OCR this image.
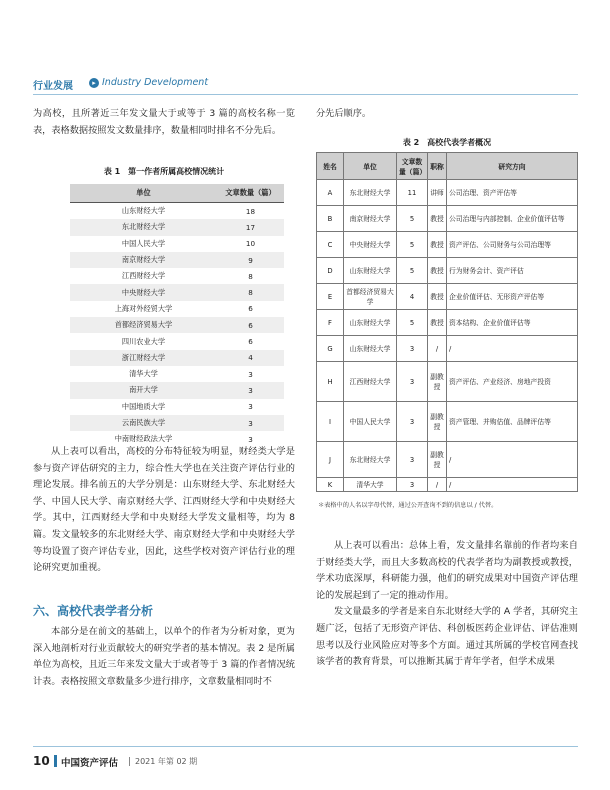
行业发展	▸ Industry Development

为高校，且所著近三年发文量大于或等于 3 篇的高校名称一览表，表格数据按照发文数量排序，数量相同时排名不分先后。

表 1　第一作者所属高校情况统计
单位	文章数量（篇）
山东财经大学	18
东北财经大学	17
中国人民大学	10
南京财经大学	9
江西财经大学	8
中央财经大学	8
上海对外经贸大学	6
首都经济贸易大学	6
四川农业大学	6
浙江财经大学	4
清华大学	3
南开大学	3
中国地质大学	3
云南民族大学	3
中南财经政法大学	3

从上表可以看出，高校的分布特征较为明显，财经类大学是参与资产评估研究的主力，综合性大学也在关注资产评估行业的理论发展。排名前五的大学分别是：山东财经大学、东北财经大学、中国人民大学、南京财经大学、江西财经大学和中央财经大学。其中，江西财经大学和中央财经大学发文量相等，均为 8 篇。发文量较多的东北财经大学、南京财经大学和中央财经大学等均设置了资产评估专业，因此，这些学校对资产评估行业的理论研究更加重视。

六、高校代表学者分析

本部分是在前文的基础上，以单个的作者为分析对象，更为深入地剖析对行业贡献较大的研究学者的基本情况。表 2 是所属单位为高校，且近三年来发文量大于或者等于 3 篇的作者情况统计表。表格按照文章数量多少进行排序，文章数量相同时不

分先后顺序。

表 2　高校代表学者概况
姓名	单位	文章数量（篇）	职称	研究方向
A	东北财经大学	11	讲师	公司治理、资产评估等
B	南京财经大学	5	教授	公司治理与内部控制、企业价值评估等
C	中央财经大学	5	教授	资产评估、公司财务与公司治理等
D	山东财经大学	5	教授	行为财务会计、资产评估
E	首都经济贸易大学	4	教授	企业价值评估、无形资产评估等
F	山东财经大学	5	教授	资本结构、企业价值评估等
G	山东财经大学	3	/	/
H	江西财经大学	3	副教授	资产评估、产业经济、房地产投资
I	中国人民大学	3	副教授	资产管理、并购估值、品牌评估等
J	东北财经大学	3	副教授	/
K	清华大学	3	/	/
＊表格中的人名以字母代替，通过公开查询不到的信息以 / 代替。

从上表可以看出：总体上看，发文量排名靠前的作者均来自于财经类大学，而且大多数高校的代表学者均为副教授或教授，学术功底深厚，科研能力强，他们的研究成果对中国资产评估理论的发展起到了一定的推动作用。

发文量最多的学者是来自东北财经大学的 A 学者，其研究主题广泛，包括了无形资产评估、科创板医药企业评估、评估准则思考以及行业风险应对等多个方面。通过其所属的学校官网查找该学者的教育背景，可以推断其属于青年学者，但学术成果

10 中国资产评估 2021 年第 02 期
